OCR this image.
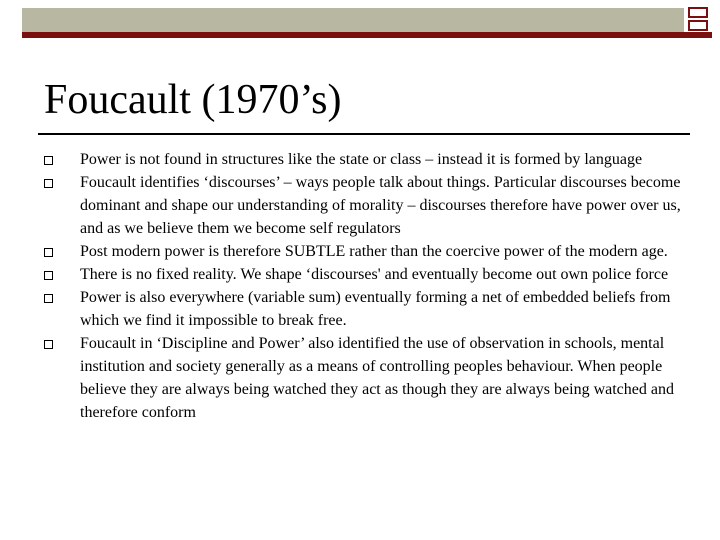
Foucault (1970’s)
Power is not found in structures like the state or class – instead it is formed by language
Foucault identifies ‘discourses’ – ways people talk about things. Particular discourses become dominant and shape our understanding of morality – discourses therefore have power over us, and as we believe them we become self regulators
Post modern power is therefore SUBTLE rather than the coercive power of the modern age.
There is no fixed reality. We shape ‘discourses' and eventually become out own police force
Power is also everywhere (variable sum) eventually forming a net of embedded beliefs from which we find it impossible to break free.
Foucault in ‘Discipline and Power’ also identified the use of observation in schools, mental institution and society generally as a means of controlling peoples behaviour. When people believe they are always being watched they act as though they are always being watched and therefore conform
